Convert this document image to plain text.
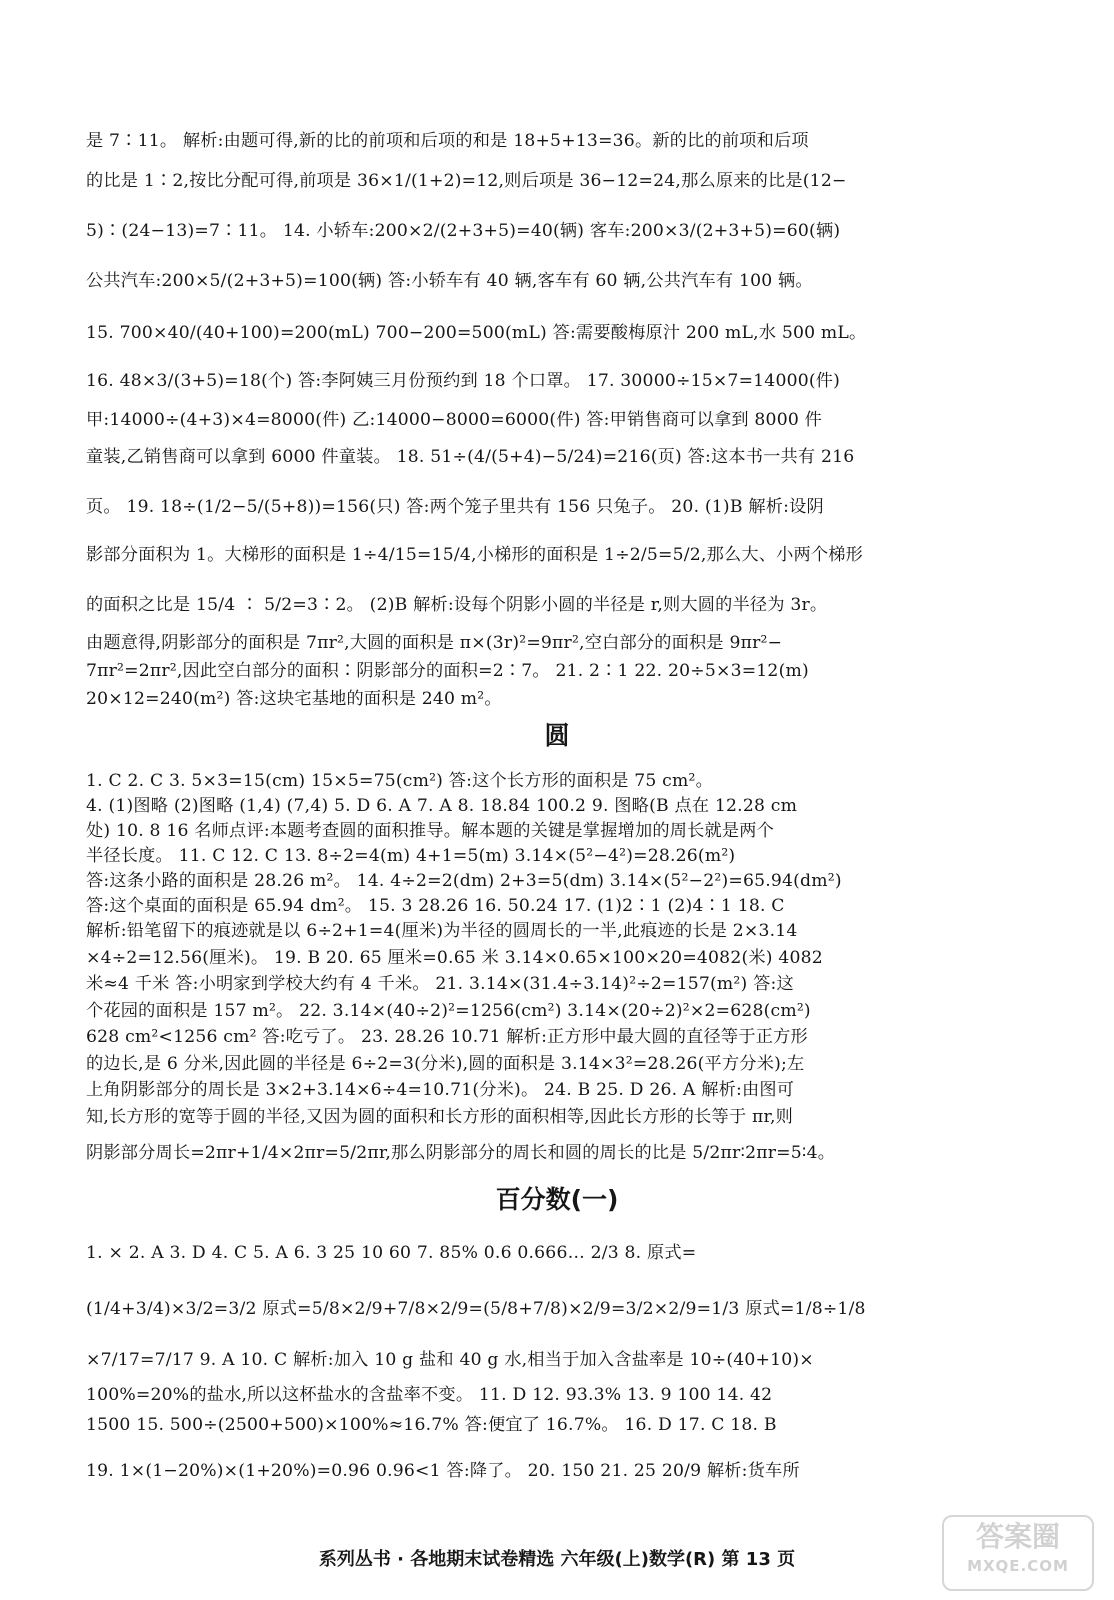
是 7∶11。 解析:由题可得,新的比的前项和后项的和是 18+5+13=36。新的比的前项和后项
的比是 1∶2,按比分配可得,前项是 36×1/(1+2)=12,则后项是 36−12=24,那么原来的比是(12−
5)∶(24−13)=7∶11。 14. 小轿车:200×2/(2+3+5)=40(辆) 客车:200×3/(2+3+5)=60(辆)
公共汽车:200×5/(2+3+5)=100(辆) 答:小轿车有 40 辆,客车有 60 辆,公共汽车有 100 辆。
15. 700×40/(40+100)=200(mL) 700−200=500(mL) 答:需要酸梅原汁 200 mL,水 500 mL。
16. 48×3/(3+5)=18(个) 答:李阿姨三月份预约到 18 个口罩。 17. 30000÷15×7=14000(件)
甲:14000÷(4+3)×4=8000(件) 乙:14000−8000=6000(件) 答:甲销售商可以拿到 8000 件
童装,乙销售商可以拿到 6000 件童装。 18. 51÷(4/(5+4)−5/24)=216(页) 答:这本书一共有 216
页。 19. 18÷(1/2−5/(5+8))=156(只) 答:两个笼子里共有 156 只兔子。 20. (1)B 解析:设阴
影部分面积为 1。大梯形的面积是 1÷4/15=15/4,小梯形的面积是 1÷2/5=5/2,那么大、小两个梯形
的面积之比是 15/4 ∶ 5/2=3∶2。 (2)B 解析:设每个阴影小圆的半径是 r,则大圆的半径为 3r。
由题意得,阴影部分的面积是 7πr²,大圆的面积是 π×(3r)²=9πr²,空白部分的面积是 9πr²−
7πr²=2πr²,因此空白部分的面积∶阴影部分的面积=2∶7。 21. 2∶1 22. 20÷5×3=12(m)
20×12=240(m²) 答:这块宅基地的面积是 240 m²。
圆
1. C 2. C 3. 5×3=15(cm) 15×5=75(cm²) 答:这个长方形的面积是 75 cm²。
4. (1)图略 (2)图略 (1,4) (7,4) 5. D 6. A 7. A 8. 18.84 100.2 9. 图略(B 点在 12.28 cm
处) 10. 8 16 名师点评:本题考查圆的面积推导。解本题的关键是掌握增加的周长就是两个
半径长度。 11. C 12. C 13. 8÷2=4(m) 4+1=5(m) 3.14×(5²−4²)=28.26(m²)
答:这条小路的面积是 28.26 m²。 14. 4÷2=2(dm) 2+3=5(dm) 3.14×(5²−2²)=65.94(dm²)
答:这个桌面的面积是 65.94 dm²。 15. 3 28.26 16. 50.24 17. (1)2∶1 (2)4∶1 18. C
解析:铅笔留下的痕迹就是以 6÷2+1=4(厘米)为半径的圆周长的一半,此痕迹的长是 2×3.14
×4÷2=12.56(厘米)。 19. B 20. 65 厘米=0.65 米 3.14×0.65×100×20=4082(米) 4082
米≈4 千米 答:小明家到学校大约有 4 千米。 21. 3.14×(31.4÷3.14)²÷2=157(m²) 答:这
个花园的面积是 157 m²。 22. 3.14×(40÷2)²=1256(cm²) 3.14×(20÷2)²×2=628(cm²)
628 cm²<1256 cm² 答:吃亏了。 23. 28.26 10.71 解析:正方形中最大圆的直径等于正方形
的边长,是 6 分米,因此圆的半径是 6÷2=3(分米),圆的面积是 3.14×3²=28.26(平方分米);左
上角阴影部分的周长是 3×2+3.14×6÷4=10.71(分米)。 24. B 25. D 26. A 解析:由图可
知,长方形的宽等于圆的半径,又因为圆的面积和长方形的面积相等,因此长方形的长等于 πr,则
阴影部分周长=2πr+1/4×2πr=5/2πr,那么阴影部分的周长和圆的周长的比是 5/2πr∶2πr=5∶4。
百分数(一)
1. × 2. A 3. D 4. C 5. A 6. 3 25 10 60 7. 85% 0.6 0.666… 2/3 8. 原式=
(1/4+3/4)×3/2=3/2 原式=5/8×2/9+7/8×2/9=(5/8+7/8)×2/9=3/2×2/9=1/3 原式=1/8÷1/8
×7/17=7/17 9. A 10. C 解析:加入 10 g 盐和 40 g 水,相当于加入含盐率是 10÷(40+10)×
100%=20%的盐水,所以这杯盐水的含盐率不变。 11. D 12. 93.3% 13. 9 100 14. 42
1500 15. 500÷(2500+500)×100%≈16.7% 答:便宜了 16.7%。 16. D 17. C 18. B
19. 1×(1−20%)×(1+20%)=0.96 0.96<1 答:降了。 20. 150 21. 25 20/9 解析:货车所
系列丛书 · 各地期末试卷精选 六年级(上)数学(R) 第 13 页
答案圈
MXQE.COM
